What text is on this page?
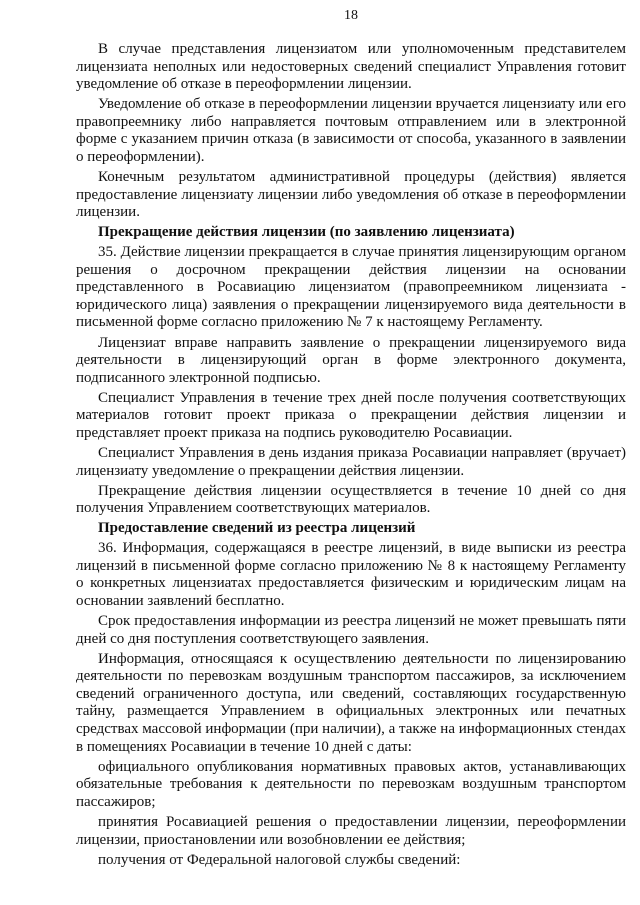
18

В случае представления лицензиатом или уполномоченным представителем лицензиата неполных или недостоверных сведений специалист Управления готовит уведомление об отказе в переоформлении лицензии.

Уведомление об отказе в переоформлении лицензии вручается лицензиату или его правопреемнику либо направляется почтовым отправлением или в электронной форме с указанием причин отказа (в зависимости от способа, указанного в заявлении о переоформлении).

Конечным результатом административной процедуры (действия) является предоставление лицензиату лицензии либо уведомления об отказе в переоформлении лицензии.

Прекращение действия лицензии (по заявлению лицензиата)

35. Действие лицензии прекращается в случае принятия лицензирующим органом решения о досрочном прекращении действия лицензии на основании представленного в Росавиацию лицензиатом (правопреемником лицензиата - юридического лица) заявления о прекращении лицензируемого вида деятельности в письменной форме согласно приложению № 7 к настоящему Регламенту.

Лицензиат вправе направить заявление о прекращении лицензируемого вида деятельности в лицензирующий орган в форме электронного документа, подписанного электронной подписью.

Специалист Управления в течение трех дней после получения соответствующих материалов готовит проект приказа о прекращении действия лицензии и представляет проект приказа на подпись руководителю Росавиации.

Специалист Управления в день издания приказа Росавиации направляет (вручает) лицензиату уведомление о прекращении действия лицензии.

Прекращение действия лицензии осуществляется в течение 10 дней со дня получения Управлением соответствующих материалов.

Предоставление сведений из реестра лицензий

36. Информация, содержащаяся в реестре лицензий, в виде выписки из реестра лицензий в письменной форме согласно приложению № 8 к настоящему Регламенту о конкретных лицензиатах предоставляется физическим и юридическим лицам на основании заявлений бесплатно.

Срок предоставления информации из реестра лицензий не может превышать пяти дней со дня поступления соответствующего заявления.

Информация, относящаяся к осуществлению деятельности по лицензированию деятельности по перевозкам воздушным транспортом пассажиров, за исключением сведений ограниченного доступа, или сведений, составляющих государственную тайну, размещается Управлением в официальных электронных или печатных средствах массовой информации (при наличии), а также на информационных стендах в помещениях Росавиации в течение 10 дней с даты:

официального опубликования нормативных правовых актов, устанавливающих обязательные требования к деятельности по перевозкам воздушным транспортом пассажиров;

принятия Росавиацией решения о предоставлении лицензии, переоформлении лицензии, приостановлении или возобновлении ее действия;

получения от Федеральной налоговой службы сведений:
